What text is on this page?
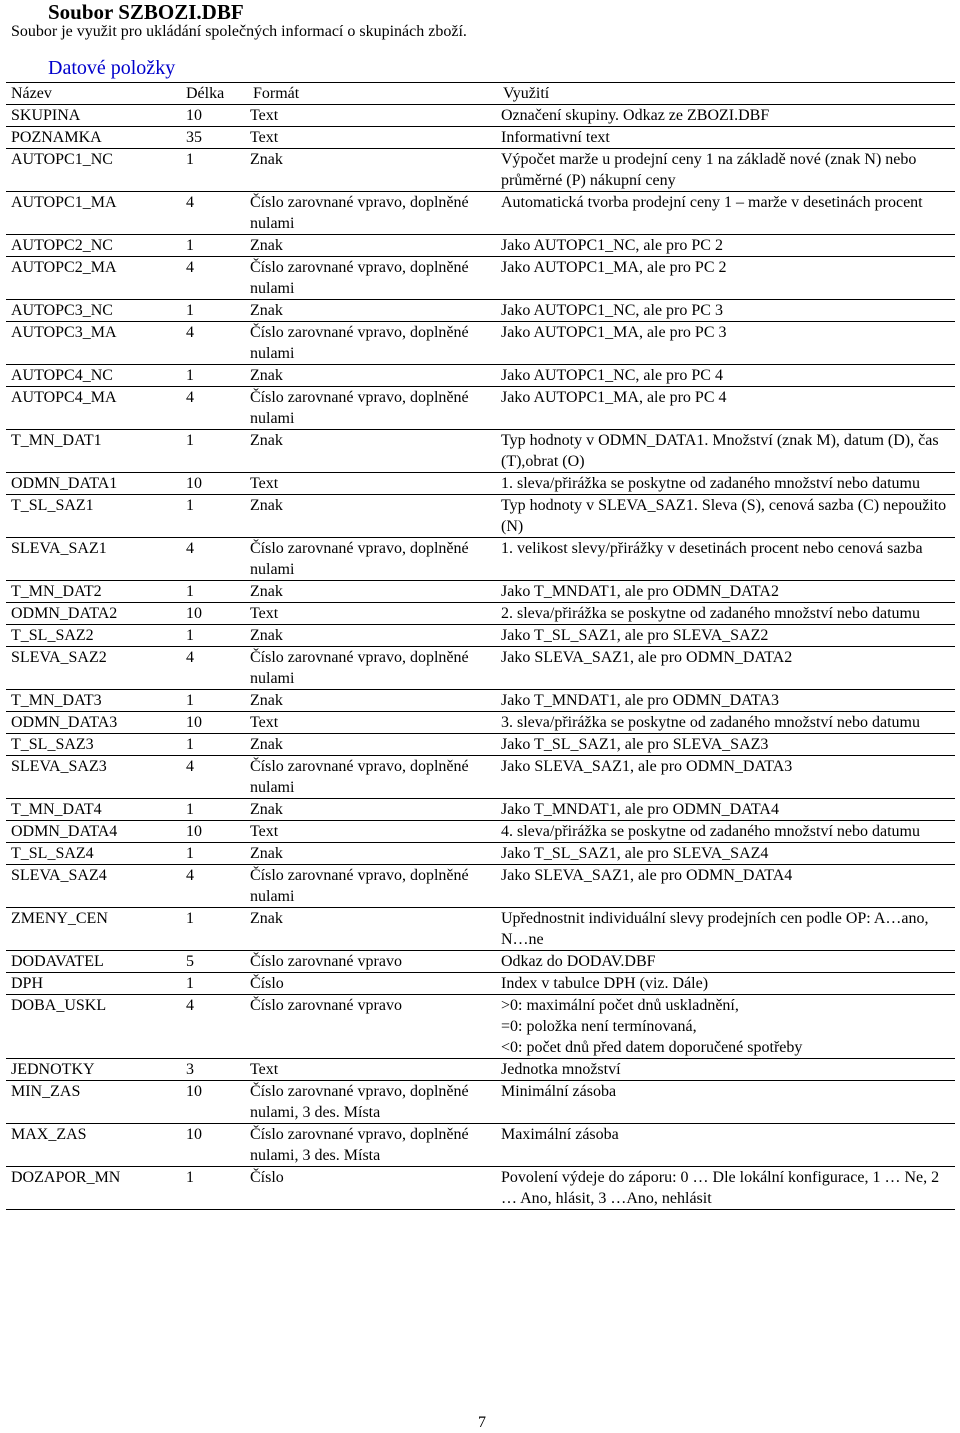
Soubor SZBOZI.DBF
Soubor je využit pro ukládání společných informací o skupinách zboží.
Datové položky
Název	Délka	Formát	Využití
SKUPINA	10	Text	Označení skupiny. Odkaz ze ZBOZI.DBF
POZNAMKA	35	Text	Informativní text
AUTOPC1_NC	1	Znak	Výpočet marže u prodejní ceny 1 na základě nové (znak N) nebo průměrné (P) nákupní ceny
AUTOPC1_MA	4	Číslo zarovnané vpravo, doplněné nulami	Automatická tvorba prodejní ceny 1 – marže v desetinách procent
AUTOPC2_NC	1	Znak	Jako AUTOPC1_NC, ale pro PC 2
AUTOPC2_MA	4	Číslo zarovnané vpravo, doplněné nulami	Jako AUTOPC1_MA, ale pro PC 2
AUTOPC3_NC	1	Znak	Jako AUTOPC1_NC, ale pro PC 3
AUTOPC3_MA	4	Číslo zarovnané vpravo, doplněné nulami	Jako AUTOPC1_MA, ale pro PC 3
AUTOPC4_NC	1	Znak	Jako AUTOPC1_NC, ale pro PC 4
AUTOPC4_MA	4	Číslo zarovnané vpravo, doplněné nulami	Jako AUTOPC1_MA, ale pro PC 4
T_MN_DAT1	1	Znak	Typ hodnoty v ODMN_DATA1. Množství (znak M), datum (D), čas (T),obrat (O)
ODMN_DATA1	10	Text	1. sleva/přirážka se poskytne od zadaného množství nebo datumu
T_SL_SAZ1	1	Znak	Typ hodnoty v SLEVA_SAZ1. Sleva (S), cenová sazba (C) nepoužito (N)
SLEVA_SAZ1	4	Číslo zarovnané vpravo, doplněné nulami	1. velikost slevy/přirážky v desetinách procent nebo cenová sazba
T_MN_DAT2	1	Znak	Jako T_MNDAT1, ale pro ODMN_DATA2
ODMN_DATA2	10	Text	2. sleva/přirážka se poskytne od zadaného množství nebo datumu
T_SL_SAZ2	1	Znak	Jako T_SL_SAZ1, ale pro SLEVA_SAZ2
SLEVA_SAZ2	4	Číslo zarovnané vpravo, doplněné nulami	Jako SLEVA_SAZ1, ale pro ODMN_DATA2
T_MN_DAT3	1	Znak	Jako T_MNDAT1, ale pro ODMN_DATA3
ODMN_DATA3	10	Text	3. sleva/přirážka se poskytne od zadaného množství nebo datumu
T_SL_SAZ3	1	Znak	Jako T_SL_SAZ1, ale pro SLEVA_SAZ3
SLEVA_SAZ3	4	Číslo zarovnané vpravo, doplněné nulami	Jako SLEVA_SAZ1, ale pro ODMN_DATA3
T_MN_DAT4	1	Znak	Jako T_MNDAT1, ale pro ODMN_DATA4
ODMN_DATA4	10	Text	4. sleva/přirážka se poskytne od zadaného množství nebo datumu
T_SL_SAZ4	1	Znak	Jako T_SL_SAZ1, ale pro SLEVA_SAZ4
SLEVA_SAZ4	4	Číslo zarovnané vpravo, doplněné nulami	Jako SLEVA_SAZ1, ale pro ODMN_DATA4
ZMENY_CEN	1	Znak	Upřednostnit individuální slevy prodejních cen podle OP: A…ano, N…ne
DODAVATEL	5	Číslo zarovnané vpravo	Odkaz do DODAV.DBF
DPH	1	Číslo	Index v tabulce DPH (viz. Dále)
DOBA_USKL	4	Číslo zarovnané vpravo	>0: maximální počet dnů uskladnění,
=0: položka není termínovaná,
<0: počet dnů před datem doporučené spotřeby
JEDNOTKY	3	Text	Jednotka množství
MIN_ZAS	10	Číslo zarovnané vpravo, doplněné nulami, 3 des. Místa	Minimální zásoba
MAX_ZAS	10	Číslo zarovnané vpravo, doplněné nulami, 3 des. Místa	Maximální zásoba
DOZAPOR_MN	1	Číslo	Povolení výdeje do záporu: 0 … Dle lokální konfigurace, 1 … Ne, 2 … Ano, hlásit, 3 …Ano, nehlásit
7
